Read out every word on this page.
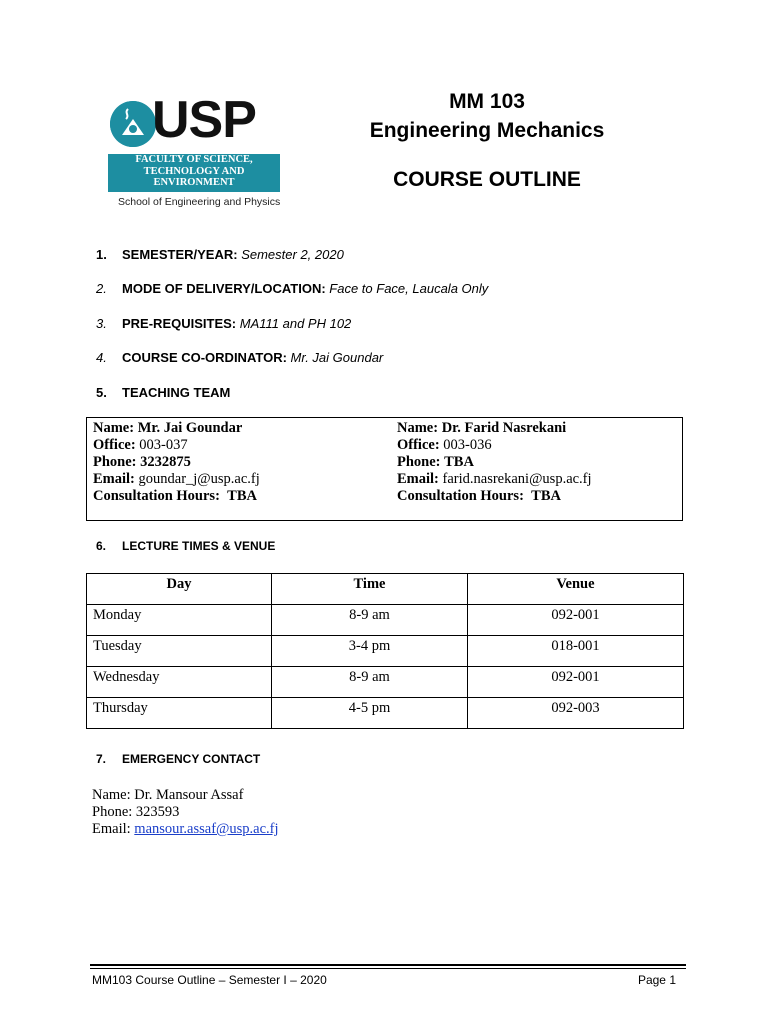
USP
FACULTY OF SCIENCE,
TECHNOLOGY AND
ENVIRONMENT
School of Engineering and Physics
MM 103
Engineering Mechanics
COURSE OUTLINE
1. SEMESTER/YEAR: Semester 2, 2020
2. MODE OF DELIVERY/LOCATION: Face to Face, Laucala Only
3. PRE-REQUISITES: MA111 and PH 102
4. COURSE CO-ORDINATOR: Mr. Jai Goundar
5. TEACHING TEAM
Name: Mr. Jai Goundar
Office: 003-037
Phone: 3232875
Email: goundar_j@usp.ac.fj
Consultation Hours: TBA
Name: Dr. Farid Nasrekani
Office: 003-036
Phone: TBA
Email: farid.nasrekani@usp.ac.fj
Consultation Hours: TBA
6. LECTURE TIMES & VENUE
Day	Time	Venue
Monday	8-9 am	092-001
Tuesday	3-4 pm	018-001
Wednesday	8-9 am	092-001
Thursday	4-5 pm	092-003
7. EMERGENCY CONTACT
Name: Dr. Mansour Assaf
Phone: 323593
Email: mansour.assaf@usp.ac.fj
MM103 Course Outline – Semester I – 2020	Page 1
